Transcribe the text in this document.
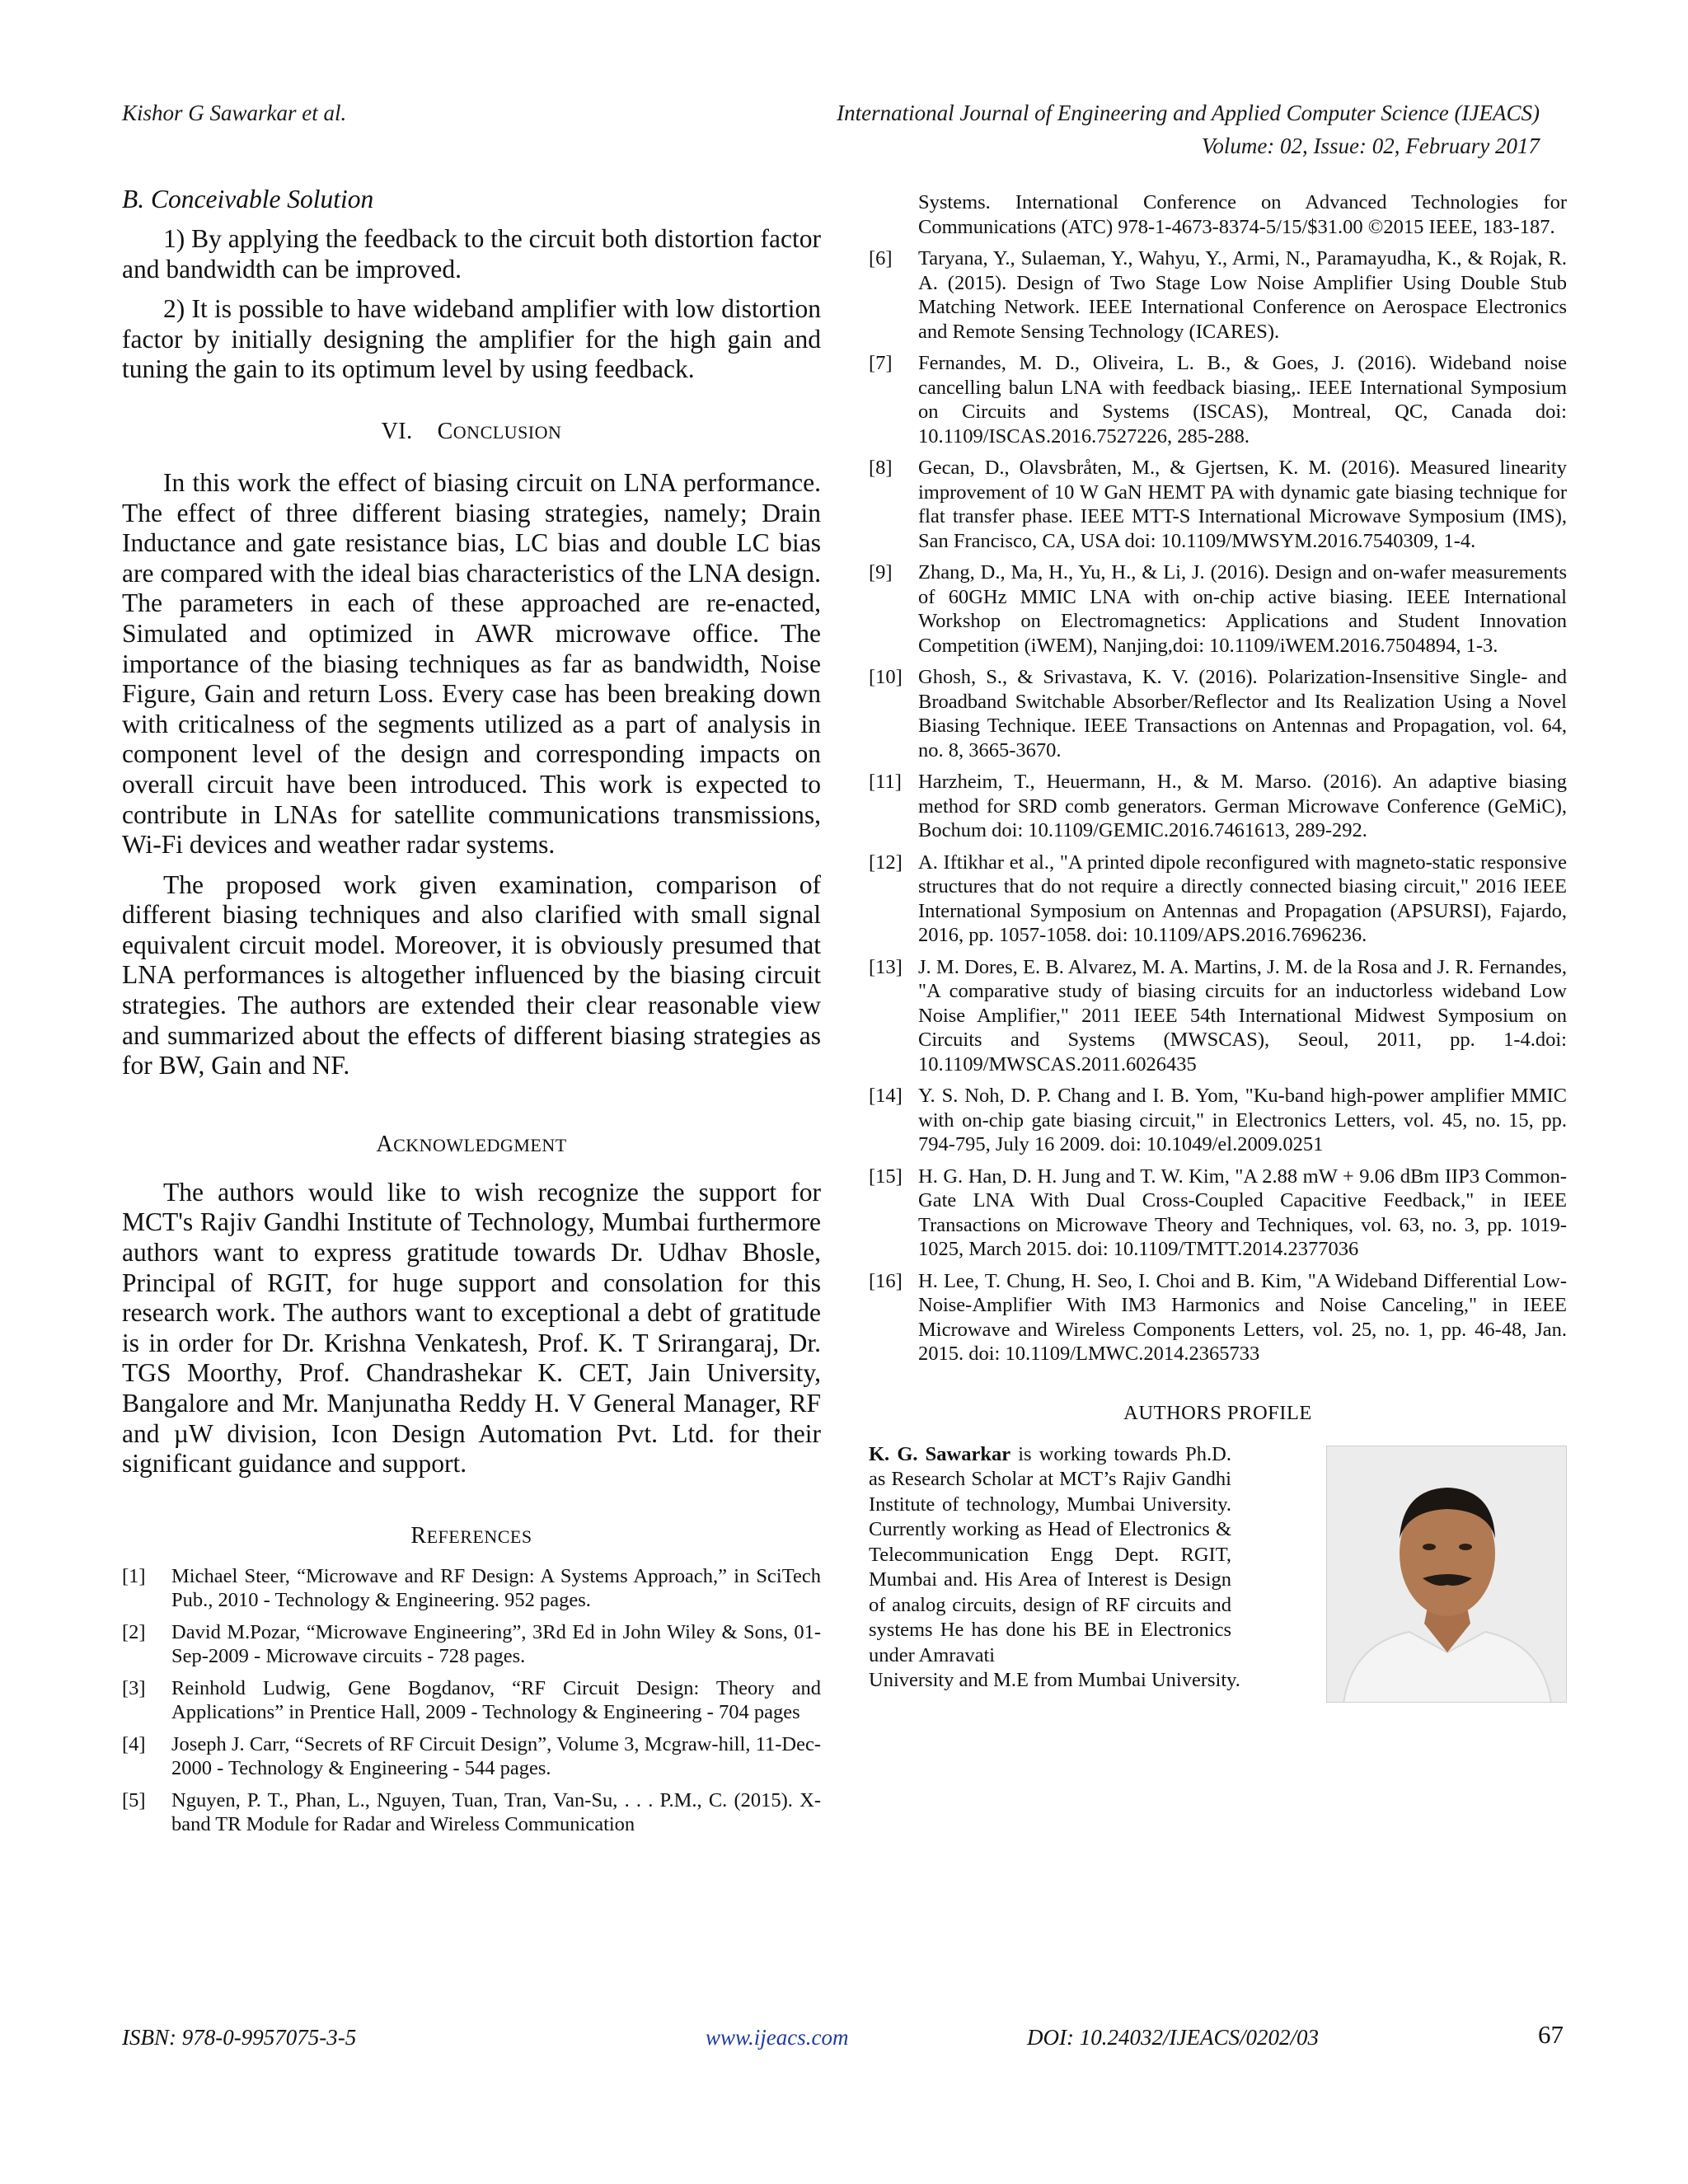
Kishor G Sawarkar et al.	International Journal of Engineering and Applied Computer Science (IJEACS)
Volume: 02, Issue: 02, February 2017
B. Conceivable Solution
1) By applying the feedback to the circuit both distortion factor and bandwidth can be improved.
2) It is possible to have wideband amplifier with low distortion factor by initially designing the amplifier for the high gain and tuning the gain to its optimum level by using feedback.
VI. CONCLUSION
In this work the effect of biasing circuit on LNA performance. The effect of three different biasing strategies, namely; Drain Inductance and gate resistance bias, LC bias and double LC bias are compared with the ideal bias characteristics of the LNA design. The parameters in each of these approached are re-enacted, Simulated and optimized in AWR microwave office. The importance of the biasing techniques as far as bandwidth, Noise Figure, Gain and return Loss. Every case has been breaking down with criticalness of the segments utilized as a part of analysis in component level of the design and corresponding impacts on overall circuit have been introduced. This work is expected to contribute in LNAs for satellite communications transmissions, Wi-Fi devices and weather radar systems.
The proposed work given examination, comparison of different biasing techniques and also clarified with small signal equivalent circuit model. Moreover, it is obviously presumed that LNA performances is altogether influenced by the biasing circuit strategies. The authors are extended their clear reasonable view and summarized about the effects of different biasing strategies as for BW, Gain and NF.
ACKNOWLEDGMENT
The authors would like to wish recognize the support for MCT's Rajiv Gandhi Institute of Technology, Mumbai furthermore authors want to express gratitude towards Dr. Udhav Bhosle, Principal of RGIT, for huge support and consolation for this research work. The authors want to exceptional a debt of gratitude is in order for Dr. Krishna Venkatesh, Prof. K. T Srirangaraj, Dr. TGS Moorthy, Prof. Chandrashekar K. CET, Jain University, Bangalore and Mr. Manjunatha Reddy H. V General Manager, RF and µW division, Icon Design Automation Pvt. Ltd. for their significant guidance and support.
REFERENCES
[1]	Michael Steer, “Microwave and RF Design: A Systems Approach,” in SciTech Pub., 2010 - Technology & Engineering. 952 pages.
[2]	David M.Pozar, “Microwave Engineering”, 3Rd Ed in John Wiley & Sons, 01-Sep-2009 - Microwave circuits - 728 pages.
[3]	Reinhold Ludwig, Gene Bogdanov, “RF Circuit Design: Theory and Applications” in Prentice Hall, 2009 - Technology & Engineering - 704 pages
[4]	Joseph J. Carr, “Secrets of RF Circuit Design”, Volume 3, Mcgraw-hill, 11-Dec-2000 - Technology & Engineering - 544 pages.
[5]	Nguyen, P. T., Phan, L., Nguyen, Tuan, Tran, Van-Su, . . . P.M., C. (2015). X-band TR Module for Radar and Wireless Communication
Systems. International Conference on Advanced Technologies for Communications (ATC) 978-1-4673-8374-5/15/$31.00 ©2015 IEEE, 183-187.
[6]	Taryana, Y., Sulaeman, Y., Wahyu, Y., Armi, N., Paramayudha, K., & Rojak, R. A. (2015). Design of Two Stage Low Noise Amplifier Using Double Stub Matching Network. IEEE International Conference on Aerospace Electronics and Remote Sensing Technology (ICARES).
[7]	Fernandes, M. D., Oliveira, L. B., & Goes, J. (2016). Wideband noise cancelling balun LNA with feedback biasing,. IEEE International Symposium on Circuits and Systems (ISCAS), Montreal, QC, Canada doi: 10.1109/ISCAS.2016.7527226, 285-288.
[8]	Gecan, D., Olavsbråten, M., & Gjertsen, K. M. (2016). Measured linearity improvement of 10 W GaN HEMT PA with dynamic gate biasing technique for flat transfer phase. IEEE MTT-S International Microwave Symposium (IMS), San Francisco, CA, USA doi: 10.1109/MWSYM.2016.7540309, 1-4.
[9]	Zhang, D., Ma, H., Yu, H., & Li, J. (2016). Design and on-wafer measurements of 60GHz MMIC LNA with on-chip active biasing. IEEE International Workshop on Electromagnetics: Applications and Student Innovation Competition (iWEM), Nanjing,doi: 10.1109/iWEM.2016.7504894, 1-3.
[10] Ghosh, S., & Srivastava, K. V. (2016). Polarization-Insensitive Single- and Broadband Switchable Absorber/Reflector and Its Realization Using a Novel Biasing Technique. IEEE Transactions on Antennas and Propagation, vol. 64, no. 8, 3665-3670.
[11] Harzheim, T., Heuermann, H., & M. Marso. (2016). An adaptive biasing method for SRD comb generators. German Microwave Conference (GeMiC), Bochum doi: 10.1109/GEMIC.2016.7461613, 289-292.
[12] A. Iftikhar et al., "A printed dipole reconfigured with magneto-static responsive structures that do not require a directly connected biasing circuit," 2016 IEEE International Symposium on Antennas and Propagation (APSURSI), Fajardo, 2016, pp. 1057-1058. doi: 10.1109/APS.2016.7696236.
[13] J. M. Dores, E. B. Alvarez, M. A. Martins, J. M. de la Rosa and J. R. Fernandes, "A comparative study of biasing circuits for an inductorless wideband Low Noise Amplifier," 2011 IEEE 54th International Midwest Symposium on Circuits and Systems (MWSCAS), Seoul, 2011, pp. 1-4.doi: 10.1109/MWSCAS.2011.6026435
[14] Y. S. Noh, D. P. Chang and I. B. Yom, "Ku-band high-power amplifier MMIC with on-chip gate biasing circuit," in Electronics Letters, vol. 45, no. 15, pp. 794-795, July 16 2009. doi: 10.1049/el.2009.0251
[15] H. G. Han, D. H. Jung and T. W. Kim, "A 2.88 mW + 9.06 dBm IIP3 Common-Gate LNA With Dual Cross-Coupled Capacitive Feedback," in IEEE Transactions on Microwave Theory and Techniques, vol. 63, no. 3, pp. 1019-1025, March 2015. doi: 10.1109/TMTT.2014.2377036
[16] H. Lee, T. Chung, H. Seo, I. Choi and B. Kim, "A Wideband Differential Low-Noise-Amplifier With IM3 Harmonics and Noise Canceling," in IEEE Microwave and Wireless Components Letters, vol. 25, no. 1, pp. 46-48, Jan. 2015. doi: 10.1109/LMWC.2014.2365733
AUTHORS PROFILE
K. G. Sawarkar is working towards Ph.D. as Research Scholar at MCT’s Rajiv Gandhi Institute of technology, Mumbai University. Currently working as Head of Electronics & Telecommunication Engg Dept. RGIT, Mumbai and. His Area of Interest is Design of analog circuits, design of RF circuits and systems He has done his BE in Electronics under Amravati
University and M.E from Mumbai University.
ISBN: 978-0-9957075-3-5	www.ijeacs.com	DOI: 10.24032/IJEACS/0202/03	67
